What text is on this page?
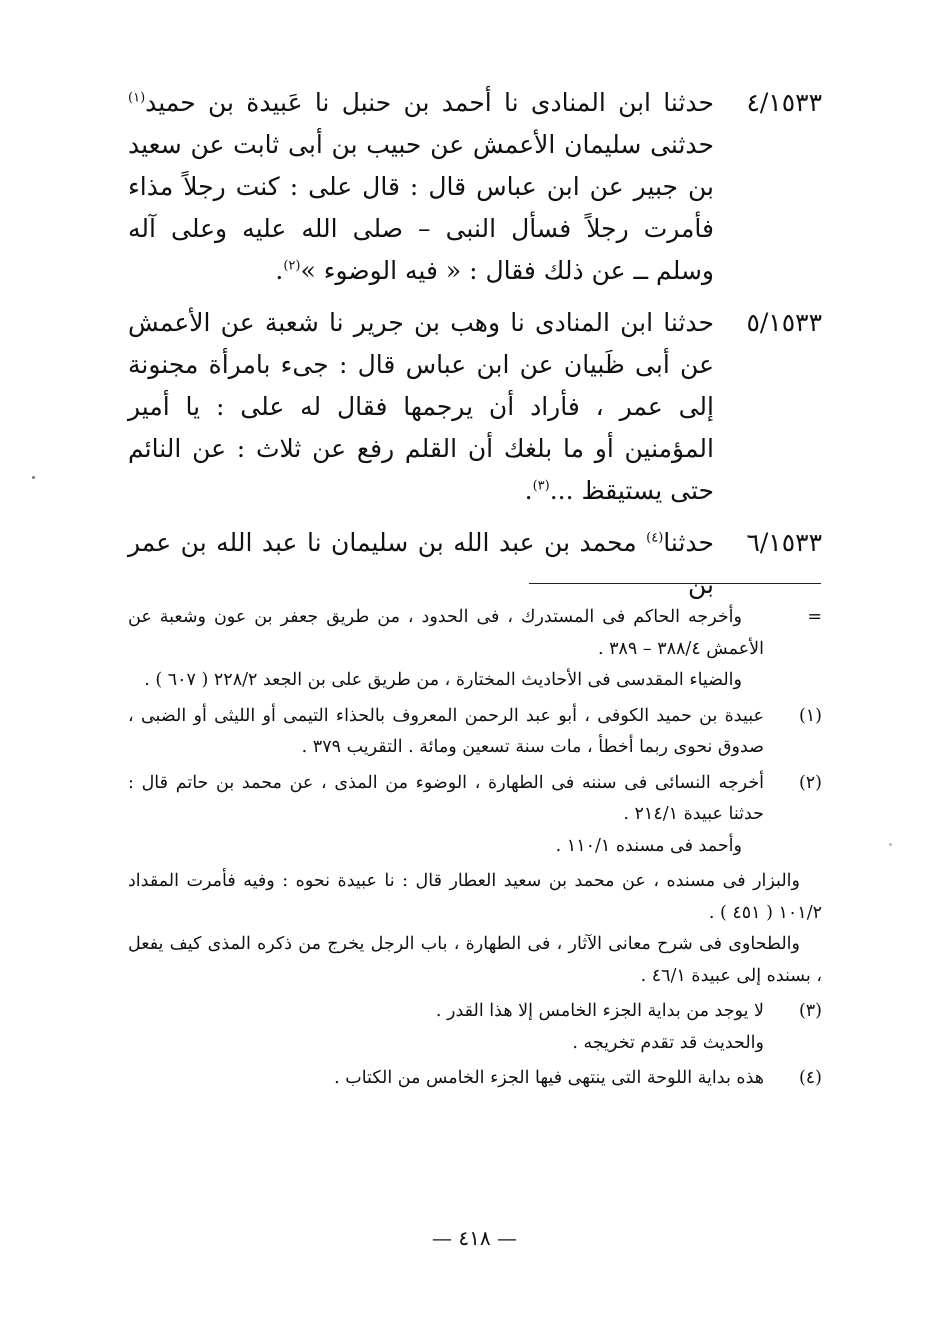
٤/١٥٣٣
حدثنا ابن المنادى نا أحمد بن حنبل نا عَبيدة بن حميد$^{(١)}$ حدثنى سليمان الأعمش عن حبيب بن أبى ثابت عن سعيد بن جبير عن ابن عباس قال : قال على : كنت رجلاً مذاء فأمرت رجلاً فسأل النبى – صلى الله عليه وعلى آله وسلم ــ عن ذلك فقال : « فيه الوضوء »$^{(٢)}$.
٥/١٥٣٣
حدثنا ابن المنادى نا وهب بن جرير نا شعبة عن الأعمش عن أبى ظَبيان عن ابن عباس قال : جىء بامرأة مجنونة إلى عمر ، فأراد أن يرجمها فقال له على : يا أمير المؤمنين أو ما بلغك أن القلم رفع عن ثلاث : عن النائم حتى يستيقظ ...$^{(٣)}$.
٦/١٥٣٣
حدثنا$^{(٤)}$ محمد بن عبد الله بن سليمان نا عبد الله بن عمر بن
=

وأخرجه الحاكم فى المستدرك ، فى الحدود ، من طريق جعفر بن عون وشعبة عن الأعمش ٣٨٨/٤ – ٣٨٩ .

والضياء المقدسى فى الأحاديث المختارة ، من طريق على بن الجعد ٢٢٨/٢ ( ٦٠٧ ) .

(١)

عبيدة بن حميد الكوفى ، أبو عبد الرحمن المعروف بالحذاء التيمى أو الليثى أو الضبى ، صدوق نحوى ربما أخطأ ، مات سنة تسعين ومائة . التقريب ٣٧٩ .

(٢)

أخرجه النسائى فى سننه فى الطهارة ، الوضوء من المذى ، عن محمد بن حاتم قال : حدثنا عبيدة ٢١٤/١ .

وأحمد فى مسنده ١١٠/١ .

والبزار فى مسنده ، عن محمد بن سعيد العطار قال : نا عبيدة نحوه : وفيه فأمرت المقداد ١٠١/٢ ( ٤٥١ ) .

والطحاوى فى شرح معانى الآثار ، فى الطهارة ، باب الرجل يخرج من ذكره المذى كيف يفعل ، بسنده إلى عبيدة ٤٦/١ .

(٣)

لا يوجد من بداية الجزء الخامس إلا هذا القدر .

والحديث قد تقدم تخريجه .

(٤)

هذه بداية اللوحة التى ينتهى فيها الجزء الخامس من الكتاب .

— ٤١٨ —
